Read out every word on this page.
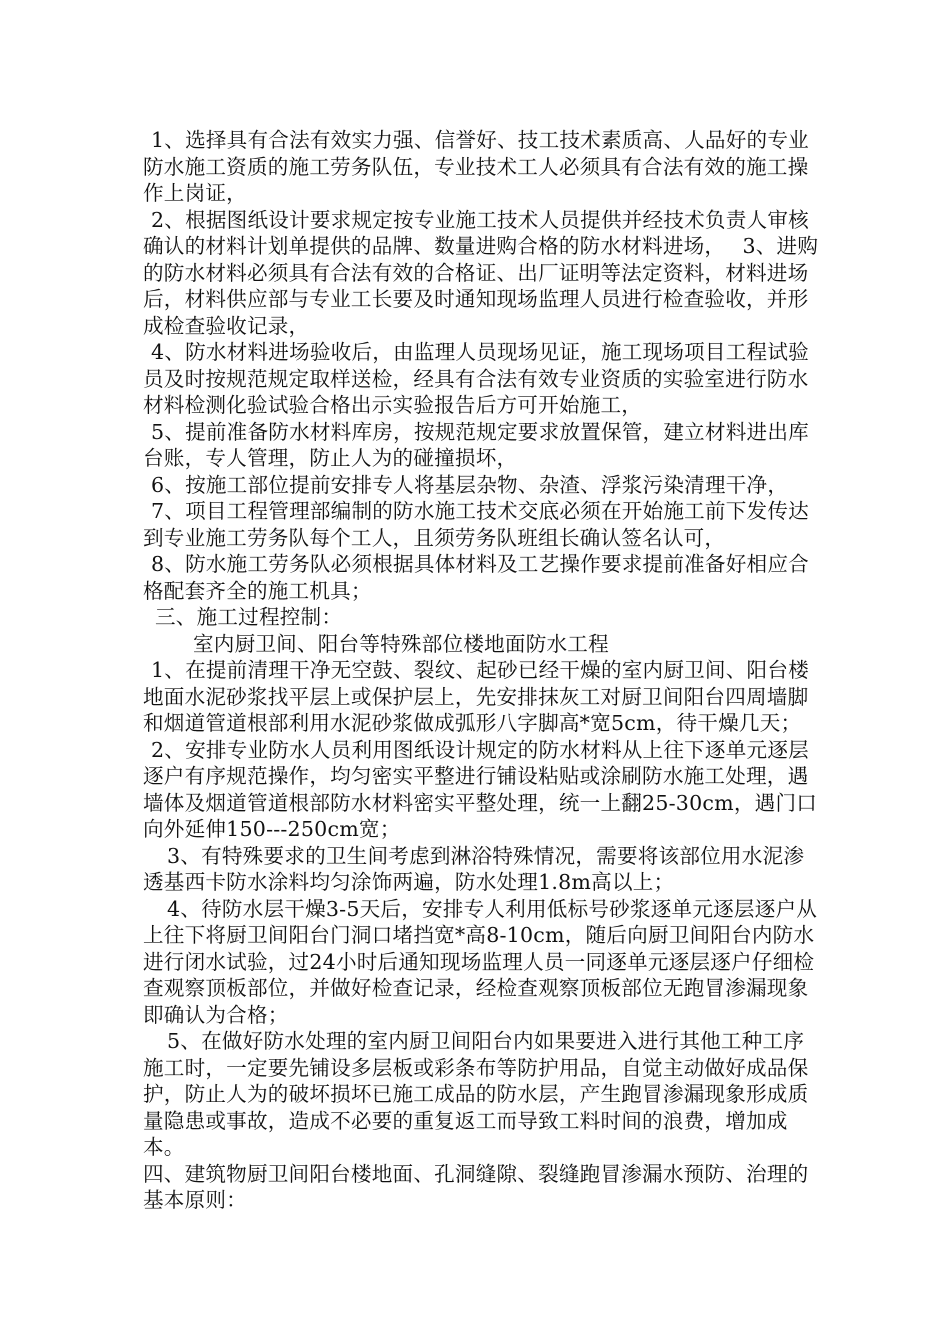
1、选择具有合法有效实力强、信誉好、技工技术素质高、人品好的专业防水施工资质的施工劳务队伍，专业技术工人必须具有合法有效的施工操作上岗证，

2、根据图纸设计要求规定按专业施工技术人员提供并经技术负责人审核确认的材料计划单提供的品牌、数量进购合格的防水材料进场，　 3、进购的防水材料必须具有合法有效的合格证、出厂证明等法定资料，材料进场后，材料供应部与专业工长要及时通知现场监理人员进行检查验收，并形成检查验收记录，

4、防水材料进场验收后，由监理人员现场见证，施工现场项目工程试验员及时按规范规定取样送检，经具有合法有效专业资质的实验室进行防水材料检测化验试验合格出示实验报告后方可开始施工，

5、提前准备防水材料库房，按规范规定要求放置保管，建立材料进出库台账，专人管理，防止人为的碰撞损坏，

6、按施工部位提前安排专人将基层杂物、杂渣、浮浆污染清理干净，

7、项目工程管理部编制的防水施工技术交底必须在开始施工前下发传达到专业施工劳务队每个工人，且须劳务队班组长确认签名认可，

8、防水施工劳务队必须根据具体材料及工艺操作要求提前准备好相应合格配套齐全的施工机具；

三、施工过程控制：

室内厨卫间、阳台等特殊部位楼地面防水工程

1、在提前清理干净无空鼓、裂纹、起砂已经干燥的室内厨卫间、阳台楼地面水泥砂浆找平层上或保护层上，先安排抹灰工对厨卫间阳台四周墙脚和烟道管道根部利用水泥砂浆做成弧形八字脚高*宽5cm，待干燥几天；

2、安排专业防水人员利用图纸设计规定的防水材料从上往下逐单元逐层逐户有序规范操作，均匀密实平整进行铺设粘贴或涂刷防水施工处理，遇墙体及烟道管道根部防水材料密实平整处理，统一上翻25-30cm，遇门口向外延伸150---250cm宽；

3、有特殊要求的卫生间考虑到淋浴特殊情况，需要将该部位用水泥渗透基西卡防水涂料均匀涂饰两遍，防水处理1.8m高以上；

4、待防水层干燥3-5天后，安排专人利用低标号砂浆逐单元逐层逐户从上往下将厨卫间阳台门洞口堵挡宽*高8-10cm，随后向厨卫间阳台内防水进行闭水试验，过24小时后通知现场监理人员一同逐单元逐层逐户仔细检查观察顶板部位，并做好检查记录，经检查观察顶板部位无跑冒渗漏现象即确认为合格；

5、在做好防水处理的室内厨卫间阳台内如果要进入进行其他工种工序施工时，一定要先铺设多层板或彩条布等防护用品，自觉主动做好成品保护，防止人为的破坏损坏已施工成品的防水层，产生跑冒渗漏现象形成质量隐患或事故，造成不必要的重复返工而导致工料时间的浪费，增加成本。

四、建筑物厨卫间阳台楼地面、孔洞缝隙、裂缝跑冒渗漏水预防、治理的基本原则：
